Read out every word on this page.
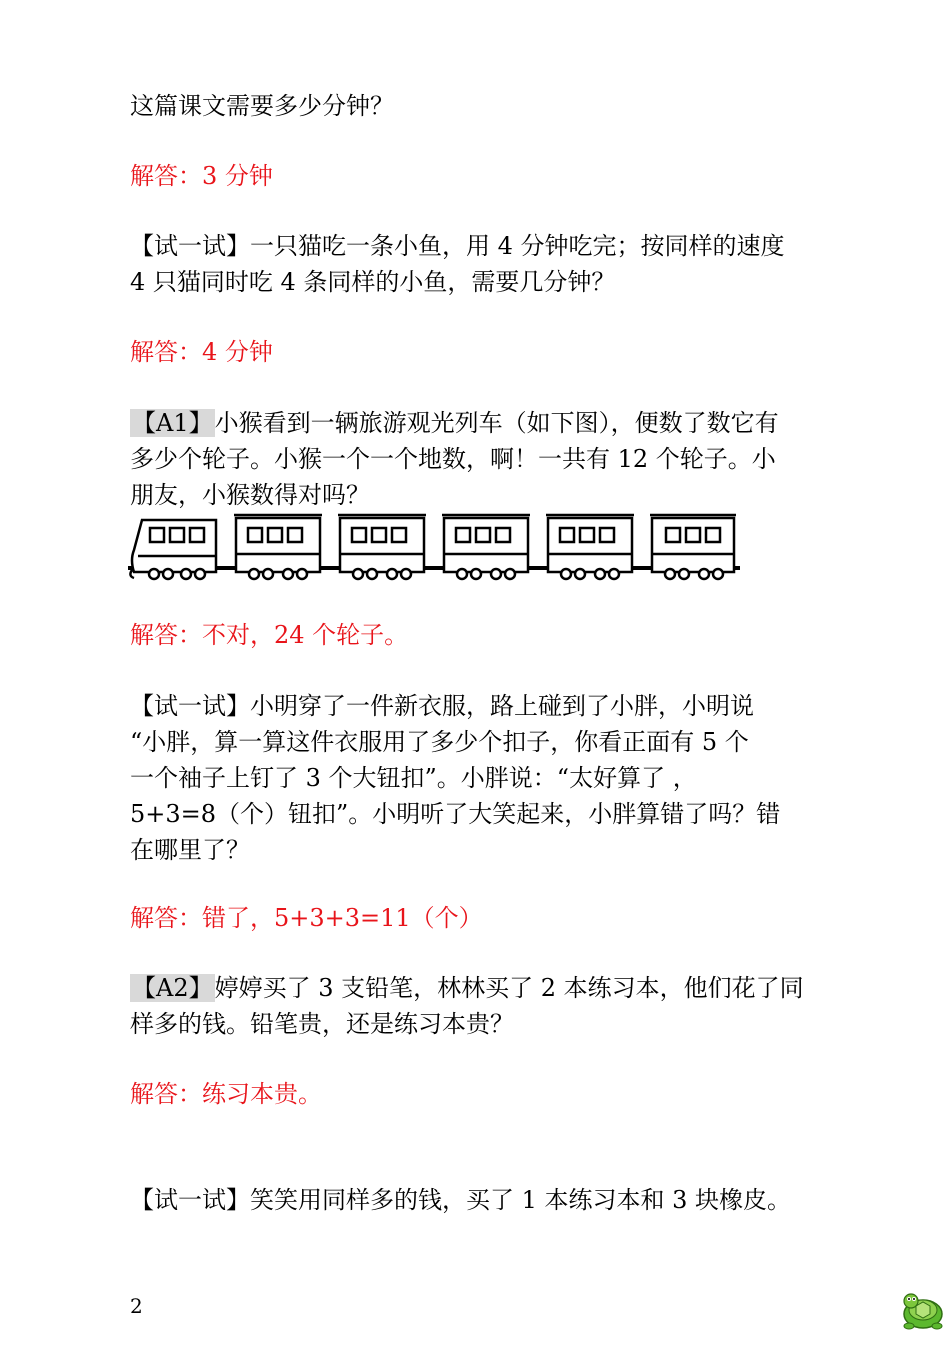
这篇课文需要多少分钟？
解答：3 分钟
【试一试】一只猫吃一条小鱼，用 4 分钟吃完；按同样的速度
4 只猫同时吃 4 条同样的小鱼，需要几分钟？
解答：4 分钟
【A1】小猴看到一辆旅游观光列车（如下图），便数了数它有
多少个轮子。小猴一个一个地数，啊！一共有 12 个轮子。小
朋友，小猴数得对吗？
解答：不对，24 个轮子。
【试一试】小明穿了一件新衣服，路上碰到了小胖，小明说
“小胖，算一算这件衣服用了多少个扣子，你看正面有 5 个
一个袖子上钉了 3 个大钮扣”。小胖说：“太好算了 ，
5+3=8（个）钮扣”。小明听了大笑起来，小胖算错了吗？错
在哪里了？
解答：错了，5+3+3=11（个）
【A2】婷婷买了 3 支铅笔，林林买了 2 本练习本，他们花了同
样多的钱。铅笔贵，还是练习本贵？
解答：练习本贵。
【试一试】笑笑用同样多的钱，买了 1 本练习本和 3 块橡皮。
2
